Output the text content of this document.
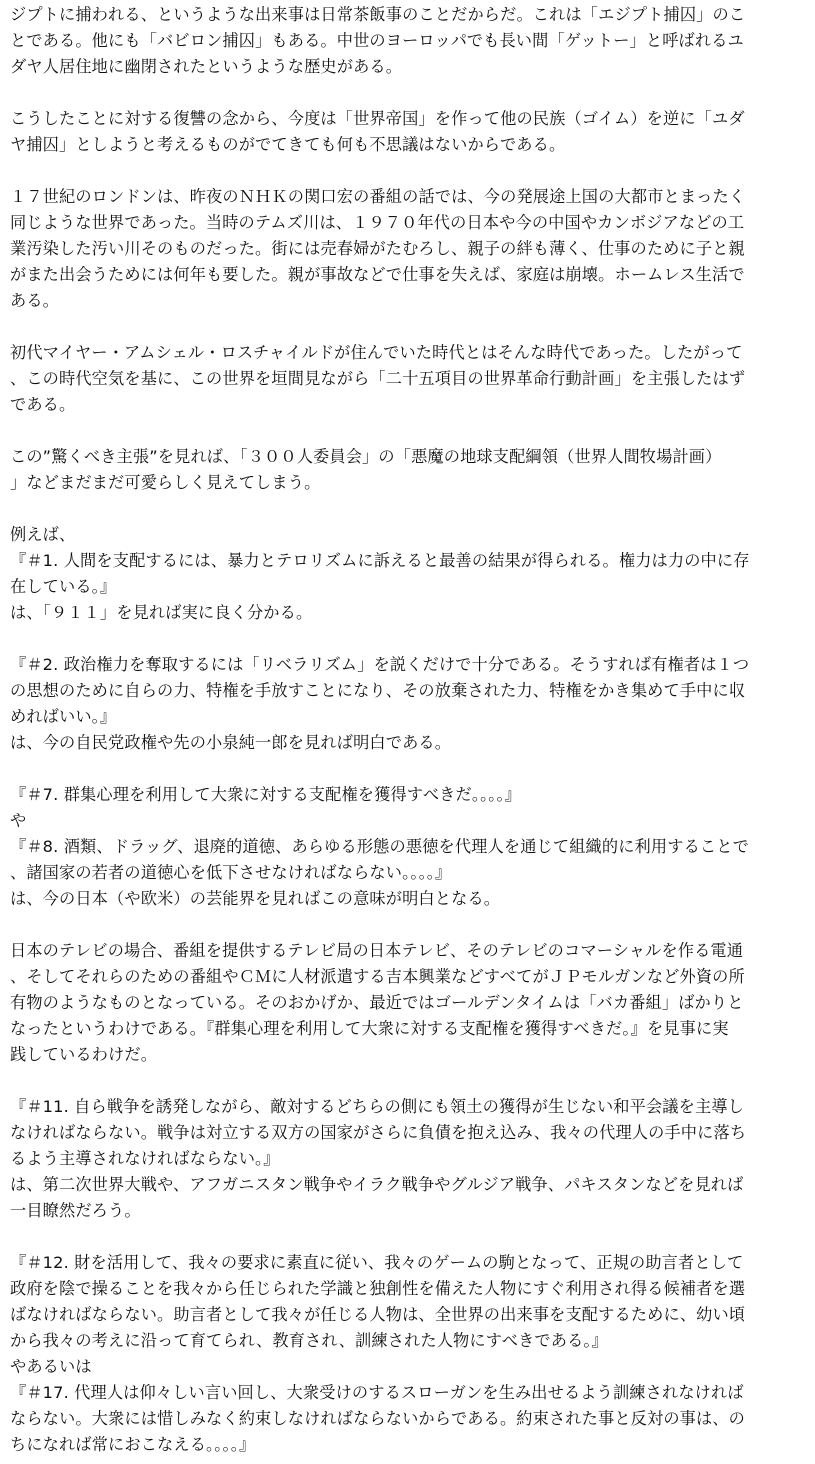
ジプトに捕われる、というような出来事は日常茶飯事のことだからだ。これは「エジプト捕囚」のこ
とである。他にも「バビロン捕囚」もある。中世のヨーロッパでも長い間「ゲットー」と呼ばれるユ
ダヤ人居住地に幽閉されたというような歴史がある。
こうしたことに対する復讐の念から、今度は「世界帝国」を作って他の民族（ゴイム）を逆に「ユダ
ヤ捕囚」としようと考えるものがでてきても何も不思議はないからである。
１７世紀のロンドンは、昨夜のＮＨＫの関口宏の番組の話では、今の発展途上国の大都市とまったく
同じような世界であった。当時のテムズ川は、１９７０年代の日本や今の中国やカンボジアなどの工
業汚染した汚い川そのものだった。街には売春婦がたむろし、親子の絆も薄く、仕事のために子と親
がまた出会うためには何年も要した。親が事故などで仕事を失えば、家庭は崩壊。ホームレス生活で
ある。
初代マイヤー・アムシェル・ロスチャイルドが住んでいた時代とはそんな時代であった。したがって
、この時代空気を基に、この世界を垣間見ながら「二十五項目の世界革命行動計画」を主張したはず
である。
この”驚くべき主張”を見れば、「３００人委員会」の「悪魔の地球支配綱領（世界人間牧場計画）
」などまだまだ可愛らしく見えてしまう。
例えば、
『＃1. 人間を支配するには、暴力とテロリズムに訴えると最善の結果が得られる。権力は力の中に存
在している。』
は、「９１１」を見れば実に良く分かる。
『＃2. 政治権力を奪取するには「リベラリズム」を説くだけで十分である。そうすれば有権者は１つ
の思想のために自らの力、特権を手放すことになり、その放棄された力、特権をかき集めて手中に収
めればいい。』
は、今の自民党政権や先の小泉純一郎を見れば明白である。
『＃7. 群集心理を利用して大衆に対する支配権を獲得すべきだ。。。。』
や
『＃8. 酒類、ドラッグ、退廃的道徳、あらゆる形態の悪徳を代理人を通じて組織的に利用することで
、諸国家の若者の道徳心を低下させなければならない。。。。』
は、今の日本（や欧米）の芸能界を見ればこの意味が明白となる。
日本のテレビの場合、番組を提供するテレビ局の日本テレビ、そのテレビのコマーシャルを作る電通
、そしてそれらのための番組やＣＭに人材派遣する吉本興業などすべてがＪＰモルガンなど外資の所
有物のようなものとなっている。そのおかげか、最近ではゴールデンタイムは「バカ番組」ばかりと
なったというわけである。『群集心理を利用して大衆に対する支配権を獲得すべきだ。』を見事に実
践しているわけだ。
『＃11. 自ら戦争を誘発しながら、敵対するどちらの側にも領土の獲得が生じない和平会議を主導し
なければならない。戦争は対立する双方の国家がさらに負債を抱え込み、我々の代理人の手中に落ち
るよう主導されなければならない。』
は、第二次世界大戦や、アフガニスタン戦争やイラク戦争やグルジア戦争、パキスタンなどを見れば
一目瞭然だろう。
『＃12. 財を活用して、我々の要求に素直に従い、我々のゲームの駒となって、正規の助言者として
政府を陰で操ることを我々から任じられた学識と独創性を備えた人物にすぐ利用され得る候補者を選
ばなければならない。助言者として我々が任じる人物は、全世界の出来事を支配するために、幼い頃
から我々の考えに沿って育てられ、教育され、訓練された人物にすべきである。』
やあるいは
『＃17. 代理人は仰々しい言い回し、大衆受けのするスローガンを生み出せるよう訓練されなければ
ならない。大衆には惜しみなく約束しなければならないからである。約束された事と反対の事は、の
ちになれば常におこなえる。。。。』
